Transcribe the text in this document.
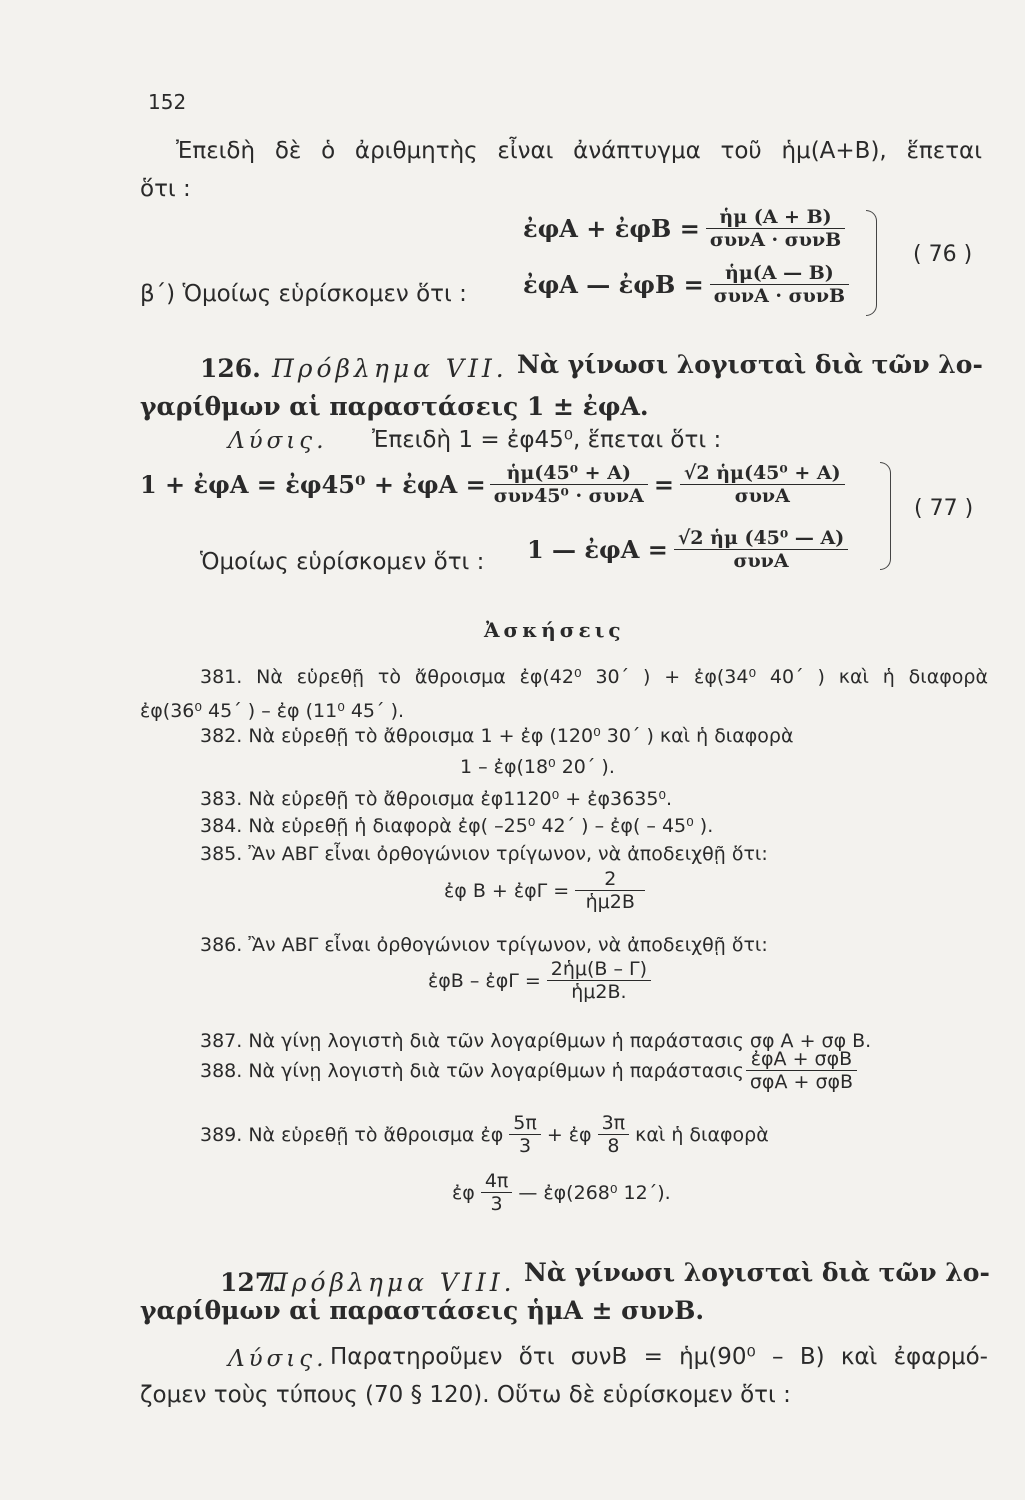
152
Ἐπειδὴ δὲ ὁ ἀριθμητὴς εἶναι ἀνάπτυγμα τοῦ ἡμ(Α+Β), ἕπεται
ὅτι :
ἐφΑ + ἐφΒ = $\frac{\text{ἡμ (Α + Β)}}{\text{συνΑ · συνΒ}}$
β΄) Ὁμοίως εὑρίσκομεν ὅτι : ἐφΑ — ἐφΒ = $\frac{\text{ἡμ(Α — Β)}}{\text{συνΑ · συνΒ}}$
( 76 )
126. Πρόβλημα VII. Νὰ γίνωσι λογισταὶ διὰ τῶν λο-
γαρίθμων αἱ παραστάσεις 1 ± ἐφΑ.
Λύσις. Ἐπειδὴ 1 = ἐφ45⁰, ἕπεται ὅτι :
1 + ἐφΑ = ἐφ45⁰ + ἐφΑ = $\frac{\text{ἡμ(45⁰ + Α)}}{\text{συν45⁰ · συνΑ}} = \frac{\text{√2 ἡμ(45⁰ + Α)}}{\text{συνΑ}}$
Ὁμοίως εὑρίσκομεν ὅτι : 1 — ἐφΑ = $\frac{\text{√2 ἡμ (45⁰ — Α)}}{\text{συνΑ}}$
( 77 )
Ἀσκήσεις
381. Νὰ εὑρεθῇ τὸ ἄθροισμα ἐφ(42⁰ 30΄ ) + ἐφ(34⁰ 40΄ ) καὶ ἡ διαφορὰ
ἐφ(36⁰ 45΄ ) – ἐφ (11⁰ 45΄ ).
382. Νὰ εὑρεθῇ τὸ ἄθροισμα 1 + ἐφ (120⁰ 30΄ ) καὶ ἡ διαφορὰ
1 – ἐφ(18⁰ 20΄ ).
383. Νὰ εὑρεθῇ τὸ ἄθροισμα ἐφ1120⁰ + ἐφ3635⁰.
384. Νὰ εὑρεθῇ ἡ διαφορὰ ἐφ( –25⁰ 42΄ ) – ἐφ( – 45⁰ ).
385. Ἂν ΑΒΓ εἶναι ὀρθογώνιον τρίγωνον, νὰ ἀποδειχθῇ ὅτι:
ἐφ Β + ἐφΓ = $\frac{2}{\text{ἡμ2Β}}$
386. Ἂν ΑΒΓ εἶναι ὀρθογώνιον τρίγωνον, νὰ ἀποδειχθῇ ὅτι:
ἐφΒ – ἐφΓ = $\frac{\text{2ἡμ(Β – Γ)}}{\text{ἡμ2Β.}}$
387. Νὰ γίνῃ λογιστὴ διὰ τῶν λογαρίθμων ἡ παράστασις σφ Α + σφ Β.
388. Νὰ γίνῃ λογιστὴ διὰ τῶν λογαρίθμων ἡ παράστασις $\frac{\text{ἐφΑ + σφΒ}}{\text{σφΑ + σφΒ}}$
389. Νὰ εὑρεθῇ τὸ ἄθροισμα ἐφ $\frac{5\pi}{3}$ + ἐφ $\frac{3\pi}{8}$ καὶ ἡ διαφορὰ
ἐφ $\frac{4\pi}{3}$ — ἐφ(268⁰ 12΄).
127.
Πρόβλημα VIII. Νὰ γίνωσι λογισταὶ διὰ τῶν λο-
γαρίθμων αἱ παραστάσεις ἡμΑ ± συνΒ.
Λύσις. Παρατηροῦμεν ὅτι συνΒ = ἡμ(90⁰ – Β) καὶ ἐφαρμό-
ζομεν τοὺς τύπους (70 § 120). Οὕτω δὲ εὑρίσκομεν ὅτι :
